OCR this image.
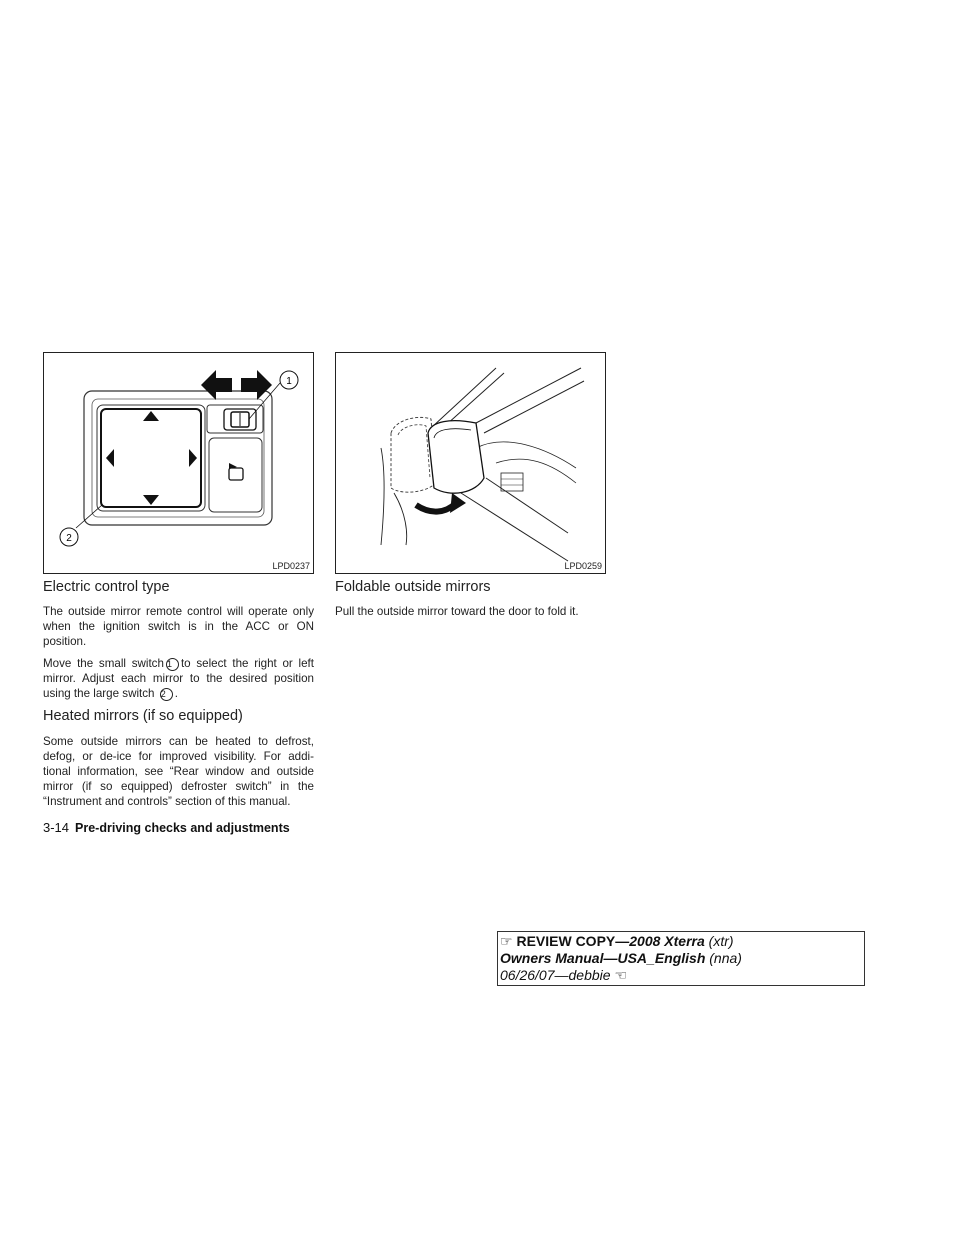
1
2
LPD0237	LPD0259
Electric control type

The outside mirror remote control will operate only when the ignition switch is in the ACC or ON position.

Move the small switch 1 to select the right or left mirror. Adjust each mirror to the desired position using the large switch 2 .

Heated mirrors (if so equipped)

Some outside mirrors can be heated to defrost, defog, or de-ice for improved visibility. For addi-tional information, see “Rear window and outside mirror (if so equipped) defroster switch” in the “Instrument and controls” section of this manual.

Foldable outside mirrors

Pull the outside mirror toward the door to fold it.

3-14 Pre-driving checks and adjustments
☞ REVIEW COPY—2008 Xterra (xtr)
Owners Manual—USA_English (nna)
06/26/07—debbie ☜
